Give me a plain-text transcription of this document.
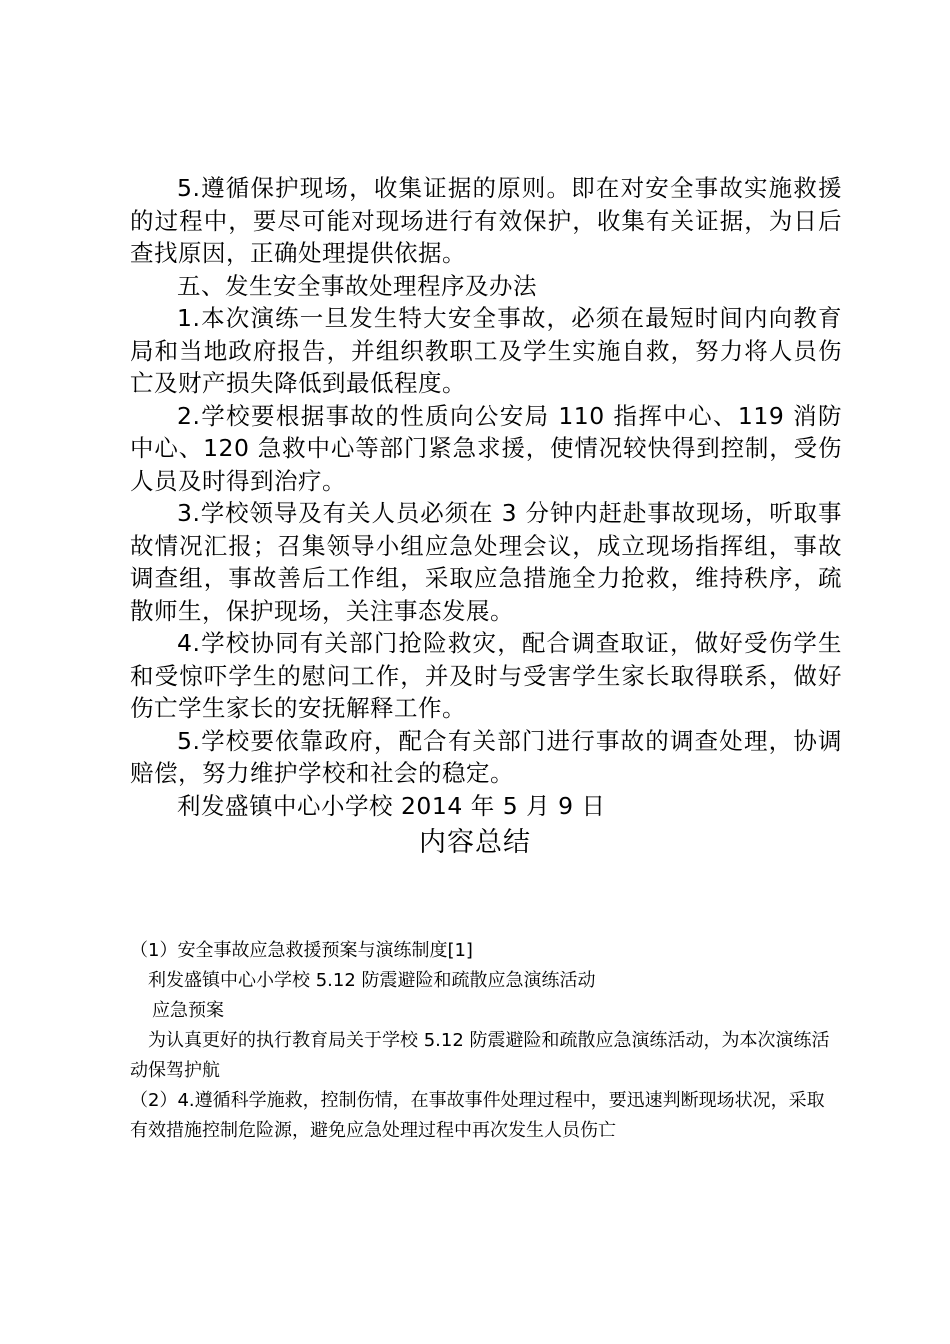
5.遵循保护现场，收集证据的原则。即在对安全事故实施救援的过程中，要尽可能对现场进行有效保护，收集有关证据，为日后查找原因，正确处理提供依据。

五、发生安全事故处理程序及办法

1.本次演练一旦发生特大安全事故，必须在最短时间内向教育局和当地政府报告，并组织教职工及学生实施自救，努力将人员伤亡及财产损失降低到最低程度。

2.学校要根据事故的性质向公安局 110 指挥中心、119 消防中心、120 急救中心等部门紧急求援，使情况较快得到控制，受伤人员及时得到治疗。

3.学校领导及有关人员必须在 3 分钟内赶赴事故现场，听取事故情况汇报；召集领导小组应急处理会议，成立现场指挥组，事故调查组，事故善后工作组，采取应急措施全力抢救，维持秩序，疏散师生，保护现场，关注事态发展。

4.学校协同有关部门抢险救灾，配合调查取证，做好受伤学生和受惊吓学生的慰问工作，并及时与受害学生家长取得联系，做好伤亡学生家长的安抚解释工作。

5.学校要依靠政府，配合有关部门进行事故的调查处理，协调赔偿，努力维护学校和社会的稳定。

利发盛镇中心小学校 2014 年 5 月 9 日

内容总结

（1）安全事故应急救援预案与演练制度[1]

利发盛镇中心小学校 5.12 防震避险和疏散应急演练活动

应急预案

为认真更好的执行教育局关于学校 5.12 防震避险和疏散应急演练活动，为本次演练活动保驾护航

（2）4.遵循科学施救，控制伤情，在事故事件处理过程中，要迅速判断现场状况，采取有效措施控制危险源，避免应急处理过程中再次发生人员伤亡
